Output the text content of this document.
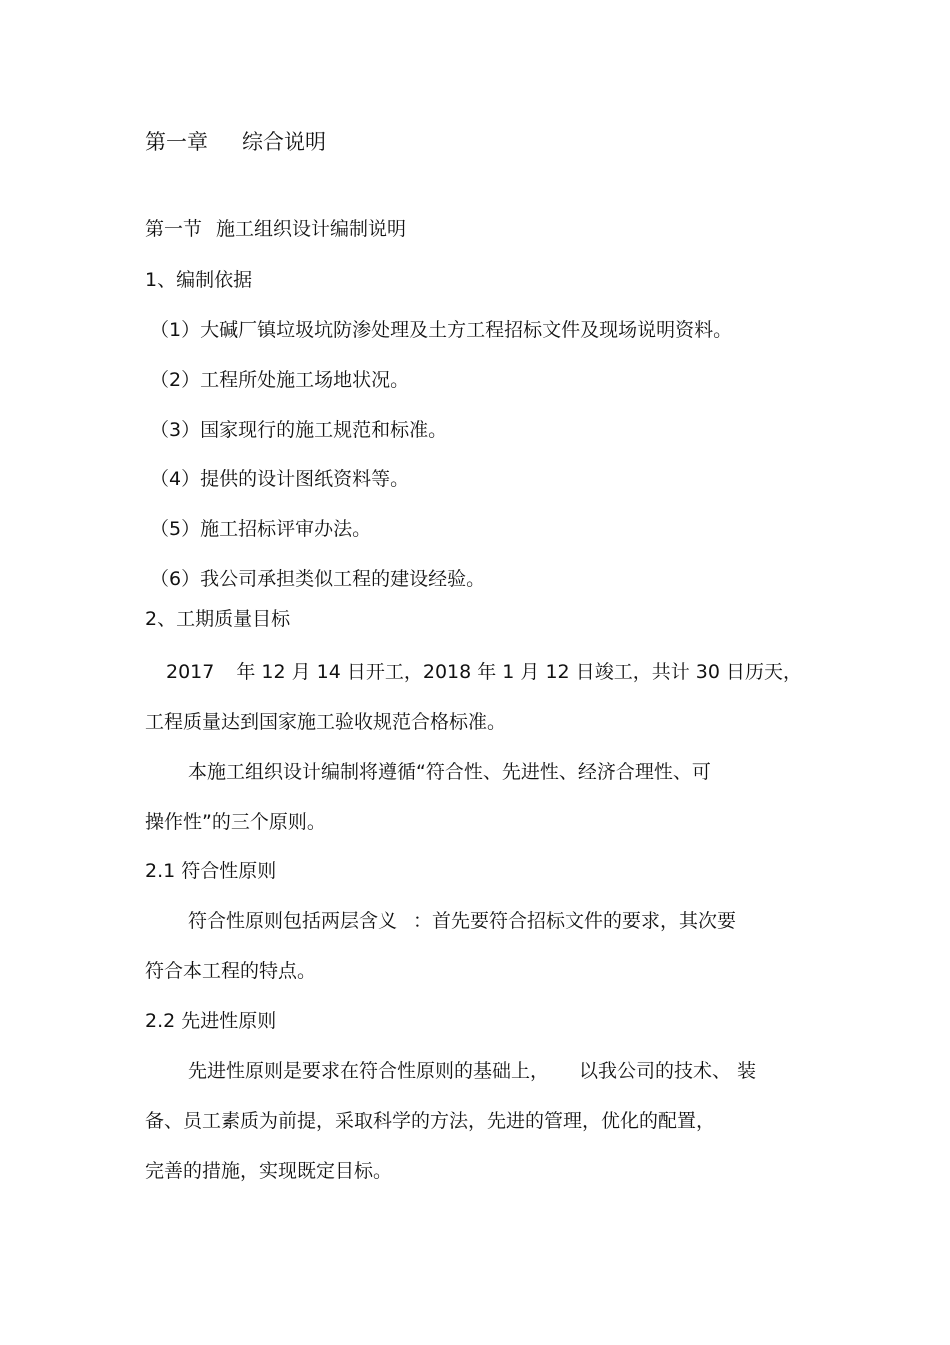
第一章 综合说明
第一节 施工组织设计编制说明
1、编制依据
（1）大碱厂镇垃圾坑防渗处理及土方工程招标文件及现场说明资料。
（2）工程所处施工场地状况。
（3）国家现行的施工规范和标准。
（4）提供的设计图纸资料等。
（5）施工招标评审办法。
（6）我公司承担类似工程的建设经验。
2、工期质量目标
2017 年 12 月 14 日开工，2018 年 1 月 12 日竣工，共计 30 日历天，
工程质量达到国家施工验收规范合格标准。
本施工组织设计编制将遵循“符合性、先进性、经济合理性、可
操作性”的三个原则。
2.1 符合性原则
符合性原则包括两层含义 ：首先要符合招标文件的要求，其次要
符合本工程的特点。
2.2 先进性原则
先进性原则是要求在符合性原则的基础上， 以我公司的技术、 装
备、员工素质为前提，采取科学的方法，先进的管理，优化的配置，
完善的措施，实现既定目标。
